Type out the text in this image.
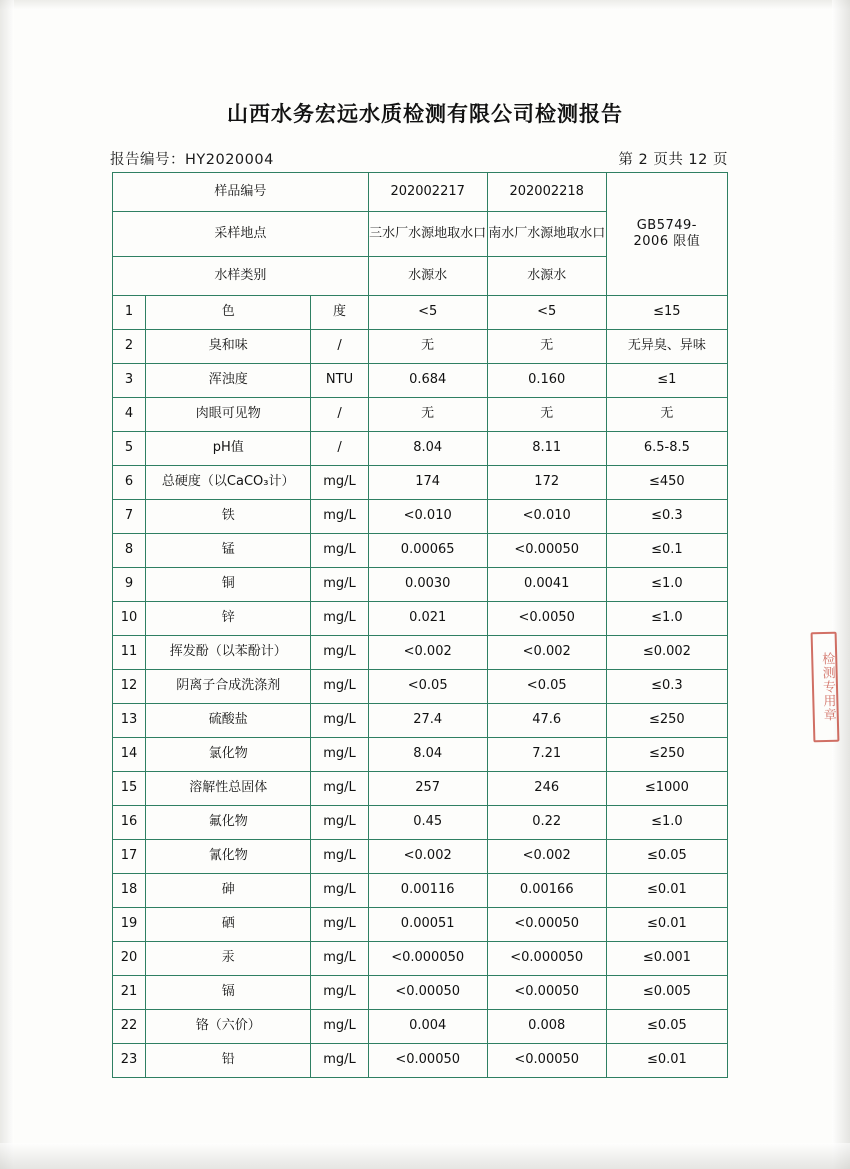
山西水务宏远水质检测有限公司检测报告
报告编号：HY2020004	第 2 页共 12 页
样品编号			202002217	202002218	GB5749-
2006 限值

采样地点			三水厂水源地取水口	南水厂水源地取水口	
水样类别			水源水	水源水	
1	色	度	<5	<5	≤15
2	臭和味	/	无	无	无异臭、异味
3	浑浊度	NTU	0.684	0.160	≤1
4	肉眼可见物	/	无	无	无
5	pH值	/	8.04	8.11	6.5-8.5
6	总硬度（以CaCO₃计）	mg/L	174	172	≤450
7	铁	mg/L	<0.010	<0.010	≤0.3
8	锰	mg/L	0.00065	<0.00050	≤0.1
9	铜	mg/L	0.0030	0.0041	≤1.0
10	锌	mg/L	0.021	<0.0050	≤1.0
11	挥发酚（以苯酚计）	mg/L	<0.002	<0.002	≤0.002
12	阴离子合成洗涤剂	mg/L	<0.05	<0.05	≤0.3
13	硫酸盐	mg/L	27.4	47.6	≤250
14	氯化物	mg/L	8.04	7.21	≤250
15	溶解性总固体	mg/L	257	246	≤1000
16	氟化物	mg/L	0.45	0.22	≤1.0
17	氰化物	mg/L	<0.002	<0.002	≤0.05
18	砷	mg/L	0.00116	0.00166	≤0.01
19	硒	mg/L	0.00051	<0.00050	≤0.01
20	汞	mg/L	<0.000050	<0.000050	≤0.001
21	镉	mg/L	<0.00050	<0.00050	≤0.005
22	铬（六价）	mg/L	0.004	0.008	≤0.05
23	铅	mg/L	<0.00050	<0.00050	≤0.01
检测专用章
